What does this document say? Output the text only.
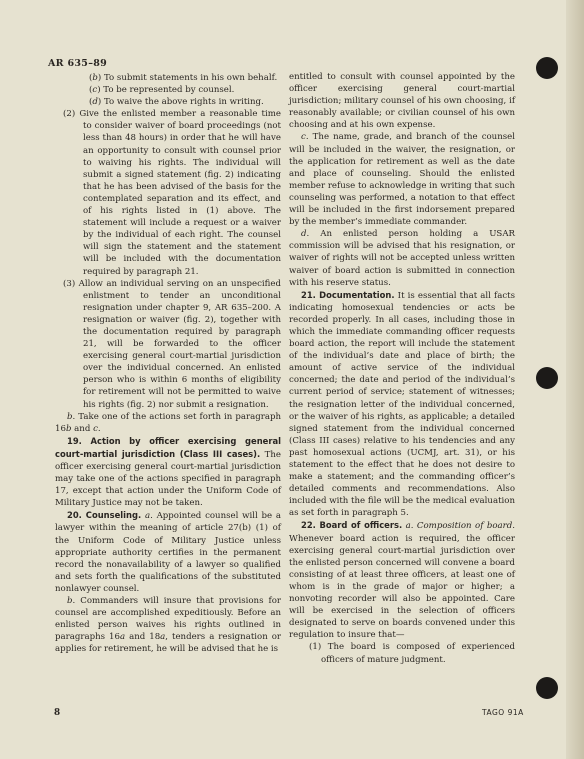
AR 635–89

(b) To submit statements in his own behalf.

(c) To be represented by counsel.

(d) To waive the above rights in writing.

(2) Give the enlisted member a reasonable time to consider waiver of board proceedings (not less than 48 hours) in order that he will have an opportunity to consult with counsel prior to waiving his rights. The individual will submit a signed statement (fig. 2) indicating that he has been advised of the basis for the contemplated separation and its effect, and of his rights listed in (1) above. The statement will include a request or a waiver by the individual of each right. The counsel will sign the statement and the statement will be included with the documentation required by paragraph 21.

(3) Allow an individual serving on an unspecified enlistment to tender an unconditional resignation under chapter 9, AR 635–200. A resignation or waiver (fig. 2), together with the documentation required by paragraph 21, will be forwarded to the officer exercising general court-martial jurisdiction over the individual concerned. An enlisted person who is within 6 months of eligibility for retirement will not be permitted to waive his rights (fig. 2) nor submit a resignation.

b. Take one of the actions set forth in paragraph 16b and c.

19. Action by officer exercising general court-martial jurisdiction (Class III cases). The officer exercising general court-martial jurisdiction may take one of the actions specified in paragraph 17, except that action under the Uniform Code of Military Justice may not be taken.

20. Counseling. a. Appointed counsel will be a lawyer within the meaning of article 27(b) (1) of the Uniform Code of Military Justice unless appropriate authority certifies in the permanent record the nonavailability of a lawyer so qualified and sets forth the qualifications of the substituted nonlawyer counsel.

b. Commanders will insure that provisions for counsel are accomplished expeditiously. Before an enlisted person waives his rights outlined in paragraphs 16a and 18a, tenders a resignation or applies for retirement, he will be advised that he is

entitled to consult with counsel appointed by the officer exercising general court-martial jurisdiction; military counsel of his own choosing, if reasonably available; or civilian counsel of his own choosing and at his own expense.

c. The name, grade, and branch of the counsel will be included in the waiver, the resignation, or the application for retirement as well as the date and place of counseling. Should the enlisted member refuse to acknowledge in writing that such counseling was performed, a notation to that effect will be included in the first indorsement prepared by the member’s immediate commander.

d. An enlisted person holding a USAR commission will be advised that his resignation, or waiver of rights will not be accepted unless written waiver of board action is submitted in connection with his reserve status.

21. Documentation. It is essential that all facts indicating homosexual tendencies or acts be recorded properly. In all cases, including those in which the immediate commanding officer requests board action, the report will include the statement of the individual’s date and place of birth; the amount of active service of the individual concerned; the date and period of the individual’s current period of service; statement of witnesses; the resignation letter of the individual concerned, or the waiver of his rights, as applicable; a detailed signed statement from the individual concerned (Class III cases) relative to his tendencies and any past homosexual actions (UCMJ, art. 31), or his statement to the effect that he does not desire to make a statement; and the commanding officer’s detailed comments and recommendations. Also included with the file will be the medical evaluation as set forth in paragraph 5.

22. Board of officers. a. Composition of board. Whenever board action is required, the officer exercising general court-martial jurisdiction over the enlisted person concerned will convene a board consisting of at least three officers, at least one of whom is in the grade of major or higher; a nonvoting recorder will also be appointed. Care will be exercised in the selection of officers designated to serve on boards convened under this regulation to insure that—

(1) The board is composed of experienced officers of mature judgment.

8	TAGO 91A
